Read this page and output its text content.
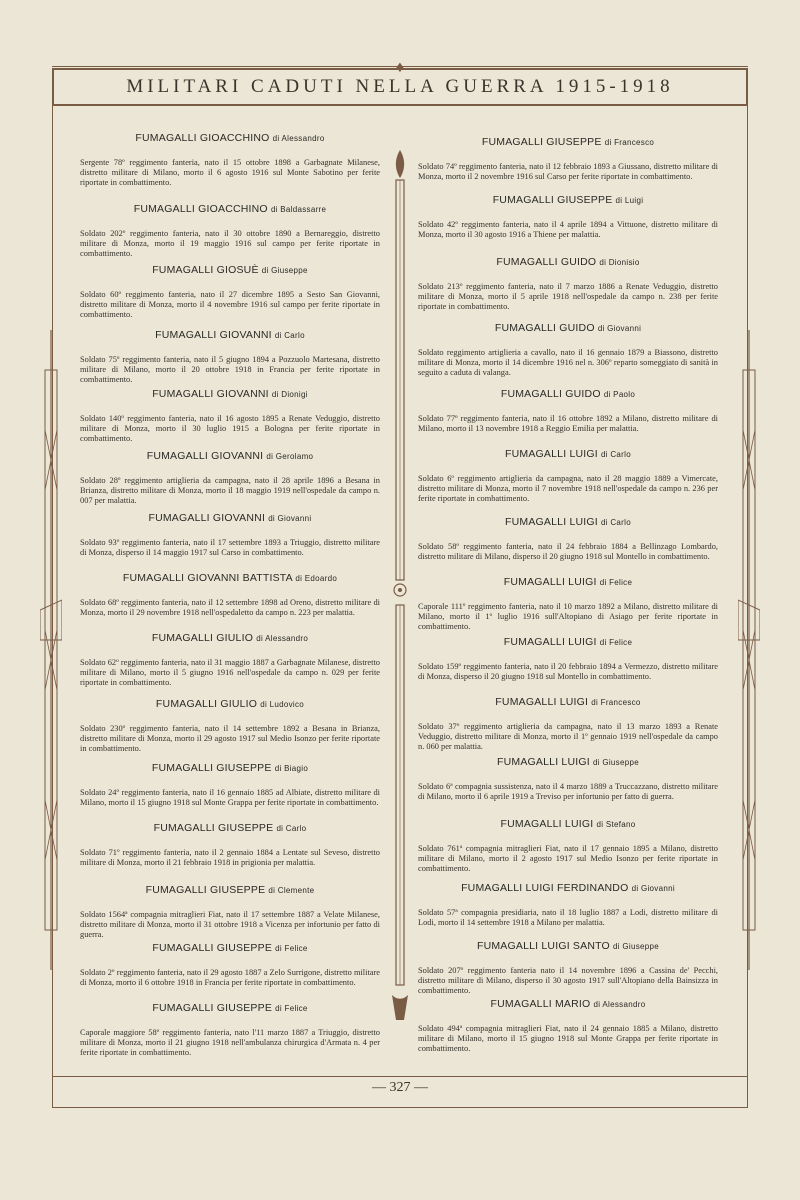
♦
MILITARI CADUTI NELLA GUERRA 1915-1918
FUMAGALLI GIOACCHINO di Alessandro
Sergente 78º reggimento fanteria, nato il 15 ottobre 1898 a Garbagnate Milanese, distretto militare di Milano, morto il 6 agosto 1916 sul Monte Sabotino per ferite riportate in combattimento.
FUMAGALLI GIOACCHINO di Baldassarre
Soldato 202º reggimento fanteria, nato il 30 ottobre 1890 a Bernareggio, distretto militare di Monza, morto il 19 maggio 1916 sul campo per ferite riportate in combattimento.
FUMAGALLI GIOSUÈ di Giuseppe
Soldato 60º reggimento fanteria, nato il 27 dicembre 1895 a Sesto San Giovanni, distretto militare di Monza, morto il 4 novembre 1916 sul campo per ferite riportate in combattimento.
FUMAGALLI GIOVANNI di Carlo
Soldato 75º reggimento fanteria, nato il 5 giugno 1894 a Pozzuolo Martesana, distretto militare di Milano, morto il 20 ottobre 1918 in Francia per ferite riportate in combattimento.
FUMAGALLI GIOVANNI di Dionigi
Soldato 140º reggimento fanteria, nato il 16 agosto 1895 a Renate Veduggio, distretto militare di Monza, morto il 30 luglio 1915 a Bologna per ferite riportate in combattimento.
FUMAGALLI GIOVANNI di Gerolamo
Soldato 28º reggimento artiglieria da campagna, nato il 28 aprile 1896 a Besana in Brianza, distretto militare di Monza, morto il 18 maggio 1919 nell'ospedale da campo n. 007 per malattia.
FUMAGALLI GIOVANNI di Giovanni
Soldato 93º reggimento fanteria, nato il 17 settembre 1893 a Triuggio, distretto militare di Monza, disperso il 14 maggio 1917 sul Carso in combattimento.
FUMAGALLI GIOVANNI BATTISTA di Edoardo
Soldato 68º reggimento fanteria, nato il 12 settembre 1898 ad Oreno, distretto militare di Monza, morto il 29 novembre 1918 nell'ospedaletto da campo n. 223 per malattia.
FUMAGALLI GIULIO di Alessandro
Soldato 62º reggimento fanteria, nato il 31 maggio 1887 a Garbagnate Milanese, distretto militare di Milano, morto il 5 giugno 1916 nell'ospedale da campo n. 029 per ferite riportate in combattimento.
FUMAGALLI GIULIO di Ludovico
Soldato 230º reggimento fanteria, nato il 14 settembre 1892 a Besana in Brianza, distretto militare di Monza, morto il 29 agosto 1917 sul Medio Isonzo per ferite riportate in combattimento.
FUMAGALLI GIUSEPPE di Biagio
Soldato 24º reggimento fanteria, nato il 16 gennaio 1885 ad Albiate, distretto militare di Milano, morto il 15 giugno 1918 sul Monte Grappa per ferite riportate in combattimento.
FUMAGALLI GIUSEPPE di Carlo
Soldato 71º reggimento fanteria, nato il 2 gennaio 1884 a Lentate sul Seveso, distretto militare di Monza, morto il 21 febbraio 1918 in prigionia per malattia.
FUMAGALLI GIUSEPPE di Clemente
Soldato 1564ª compagnia mitraglieri Fiat, nato il 17 settembre 1887 a Velate Milanese, distretto militare di Monza, morto il 31 ottobre 1918 a Vicenza per infortunio per fatto di guerra.
FUMAGALLI GIUSEPPE di Felice
Soldato 2º reggimento fanteria, nato il 29 agosto 1887 a Zelo Surrigone, distretto militare di Monza, morto il 6 ottobre 1918 in Francia per ferite riportate in combattimento.
FUMAGALLI GIUSEPPE di Felice
Caporale maggiore 58º reggimento fanteria, nato l'11 marzo 1887 a Triuggio, distretto militare di Monza, morto il 21 giugno 1918 nell'ambulanza chirurgica d'Armata n. 4 per ferite riportate in combattimento.
FUMAGALLI GIUSEPPE di Francesco
Soldato 74º reggimento fanteria, nato il 12 febbraio 1893 a Giussano, distretto militare di Monza, morto il 2 novembre 1916 sul Carso per ferite riportate in combattimento.
FUMAGALLI GIUSEPPE di Luigi
Soldato 42º reggimento fanteria, nato il 4 aprile 1894 a Vittuone, distretto militare di Monza, morto il 30 agosto 1916 a Thiene per malattia.
FUMAGALLI GUIDO di Dionisio
Soldato 213º reggimento fanteria, nato il 7 marzo 1886 a Renate Veduggio, distretto militare di Monza, morto il 5 aprile 1918 nell'ospedale da campo n. 238 per ferite riportate in combattimento.
FUMAGALLI GUIDO di Giovanni
Soldato reggimento artiglieria a cavallo, nato il 16 gennaio 1879 a Biassono, distretto militare di Monza, morto il 14 dicembre 1916 nel n. 306º reparto someggiato di sanità in seguito a caduta di valanga.
FUMAGALLI GUIDO di Paolo
Soldato 77º reggimento fanteria, nato il 16 ottobre 1892 a Milano, distretto militare di Milano, morto il 13 novembre 1918 a Reggio Emilia per malattia.
FUMAGALLI LUIGI di Carlo
Soldato 6º reggimento artiglieria da campagna, nato il 28 maggio 1889 a Vimercate, distretto militare di Monza, morto il 7 novembre 1918 nell'ospedale da campo n. 236 per ferite riportate in combattimento.
FUMAGALLI LUIGI di Carlo
Soldato 58º reggimento fanteria, nato il 24 febbraio 1884 a Bellinzago Lombardo, distretto militare di Milano, disperso il 20 giugno 1918 sul Montello in combattimento.
FUMAGALLI LUIGI di Felice
Caporale 111º reggimento fanteria, nato il 10 marzo 1892 a Milano, distretto militare di Milano, morto il 1º luglio 1916 sull'Altopiano di Asiago per ferite riportate in combattimento.
FUMAGALLI LUIGI di Felice
Soldato 159º reggimento fanteria, nato il 20 febbraio 1894 a Vermezzo, distretto militare di Monza, disperso il 20 giugno 1918 sul Montello in combattimento.
FUMAGALLI LUIGI di Francesco
Soldato 37º reggimento artiglieria da campagna, nato il 13 marzo 1893 a Renate Veduggio, distretto militare di Monza, morto il 1º gennaio 1919 nell'ospedale da campo n. 060 per malattia.
FUMAGALLI LUIGI di Giuseppe
Soldato 6ª compagnia sussistenza, nato il 4 marzo 1889 a Truccazzano, distretto militare di Milano, morto il 6 aprile 1919 a Treviso per infortunio per fatto di guerra.
FUMAGALLI LUIGI di Stefano
Soldato 761ª compagnia mitraglieri Fiat, nato il 17 gennaio 1895 a Milano, distretto militare di Milano, morto il 2 agosto 1917 sul Medio Isonzo per ferite riportate in combattimento.
FUMAGALLI LUIGI FERDINANDO di Giovanni
Soldato 57ª compagnia presidiaria, nato il 18 luglio 1887 a Lodi, distretto militare di Lodi, morto il 14 settembre 1918 a Milano per malattia.
FUMAGALLI LUIGI SANTO di Giuseppe
Soldato 207º reggimento fanteria nato il 14 novembre 1896 a Cassina de' Pecchi, distretto militare di Milano, disperso il 30 agosto 1917 sull'Altopiano della Bainsizza in combattimento.
FUMAGALLI MARIO di Alessandro
Soldato 494ª compagnia mitraglieri Fiat, nato il 24 gennaio 1885 a Milano, distretto militare di Milano, morto il 15 giugno 1918 sul Monte Grappa per ferite riportate in combattimento.
— 327 —
